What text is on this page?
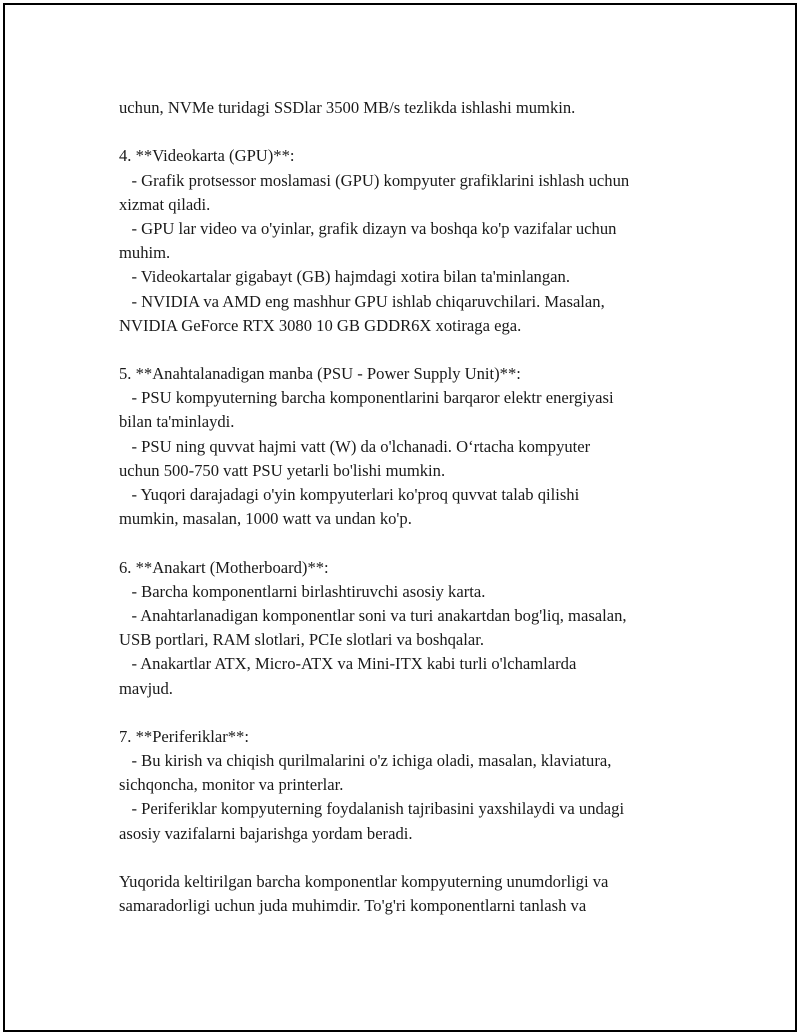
uchun, NVMe turidagi SSDlar 3500 MB/s tezlikda ishlashi mumkin.
4. **Videokarta (GPU)**:
- Grafik protsessor moslamasi (GPU) kompyuter grafiklarini ishlash uchun
xizmat qiladi.
- GPU lar video va o'yinlar, grafik dizayn va boshqa ko'p vazifalar uchun
muhim.
- Videokartalar gigabayt (GB) hajmdagi xotira bilan ta'minlangan.
- NVIDIA va AMD eng mashhur GPU ishlab chiqaruvchilari. Masalan,
NVIDIA GeForce RTX 3080 10 GB GDDR6X xotiraga ega.
5. **Anahtalanadigan manba (PSU - Power Supply Unit)**:
- PSU kompyuterning barcha komponentlarini barqaror elektr energiyasi
bilan ta'minlaydi.
- PSU ning quvvat hajmi vatt (W) da o'lchanadi. O‘rtacha kompyuter
uchun 500-750 vatt PSU yetarli bo'lishi mumkin.
- Yuqori darajadagi o'yin kompyuterlari ko'proq quvvat talab qilishi
mumkin, masalan, 1000 watt va undan ko'p.
6. **Anakart (Motherboard)**:
- Barcha komponentlarni birlashtiruvchi asosiy karta.
- Anahtarlanadigan komponentlar soni va turi anakartdan bog'liq, masalan,
USB portlari, RAM slotlari, PCIe slotlari va boshqalar.
- Anakartlar ATX, Micro-ATX va Mini-ITX kabi turli o'lchamlarda
mavjud.
7. **Periferiklar**:
- Bu kirish va chiqish qurilmalarini o'z ichiga oladi, masalan, klaviatura,
sichqoncha, monitor va printerlar.
- Periferiklar kompyuterning foydalanish tajribasini yaxshilaydi va undagi
asosiy vazifalarni bajarishga yordam beradi.
Yuqorida keltirilgan barcha komponentlar kompyuterning unumdorligi va
samaradorligi uchun juda muhimdir. To'g'ri komponentlarni tanlash va
